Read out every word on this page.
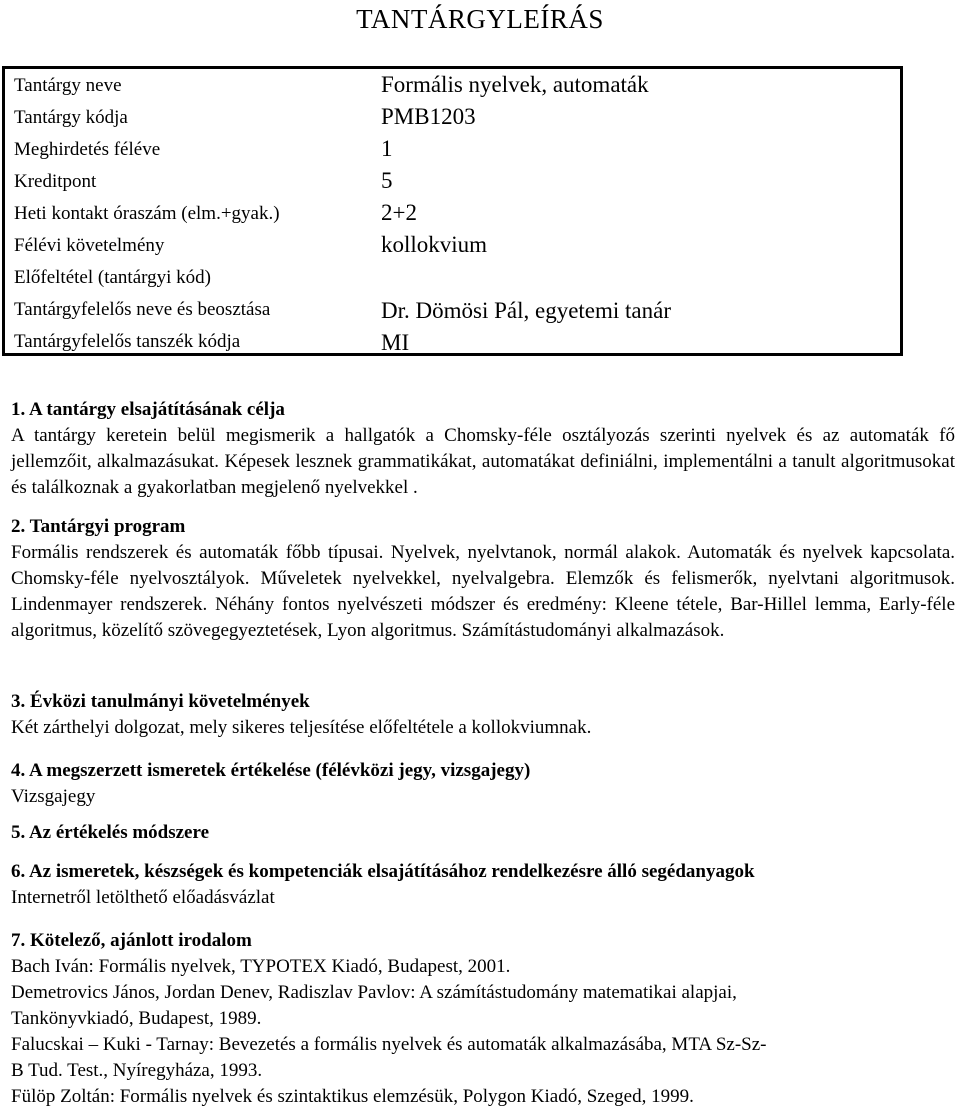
TANTÁRGYLEÍRÁS
Tantárgy neve	Formális nyelvek, automaták
Tantárgy kódja	PMB1203
Meghirdetés féléve	1
Kreditpont	5
Heti kontakt óraszám (elm.+gyak.)	2+2
Félévi követelmény	kollokvium
Előfeltétel (tantárgyi kód)
Tantárgyfelelős neve és beosztása	Dr. Dömösi Pál, egyetemi tanár
Tantárgyfelelős tanszék kódja	MI
1. A tantárgy elsajátításának célja

A tantárgy keretein belül megismerik a hallgatók a Chomsky-féle osztályozás szerinti nyelvek és az automaták fő jellemzőit, alkalmazásukat. Képesek lesznek grammatikákat, automatákat definiálni, implementálni a tanult algoritmusokat és találkoznak a gyakorlatban megjelenő nyelvekkel .

2. Tantárgyi program

Formális rendszerek és automaták főbb típusai. Nyelvek, nyelvtanok, normál alakok. Automaták és nyelvek kapcsolata. Chomsky-féle nyelvosztályok. Műveletek nyelvekkel, nyelvalgebra. Elemzők és felismerők, nyelvtani algoritmusok. Lindenmayer rendszerek. Néhány fontos nyelvészeti módszer és eredmény: Kleene tétele, Bar-Hillel lemma, Early-féle algoritmus, közelítő szövegegyeztetések, Lyon algoritmus. Számítástudományi alkalmazások.

3. Évközi tanulmányi követelmények

Két zárthelyi dolgozat, mely sikeres teljesítése előfeltétele a kollokviumnak.

4. A megszerzett ismeretek értékelése (félévközi jegy, vizsgajegy)

Vizsgajegy

5. Az értékelés módszere
6. Az ismeretek, készségek és kompetenciák elsajátításához rendelkezésre álló segédanyagok

Internetről letölthető előadásvázlat

7. Kötelező, ajánlott irodalom

Bach Iván: Formális nyelvek, TYPOTEX Kiadó, Budapest, 2001.

Demetrovics János, Jordan Denev, Radiszlav Pavlov: A számítástudomány matematikai alapjai,

Tankönyvkiadó, Budapest, 1989.

Falucskai – Kuki - Tarnay: Bevezetés a formális nyelvek és automaták alkalmazásába, MTA Sz-Sz-

B Tud. Test., Nyíregyháza, 1993.

Fülöp Zoltán: Formális nyelvek és szintaktikus elemzésük, Polygon Kiadó, Szeged, 1999.
